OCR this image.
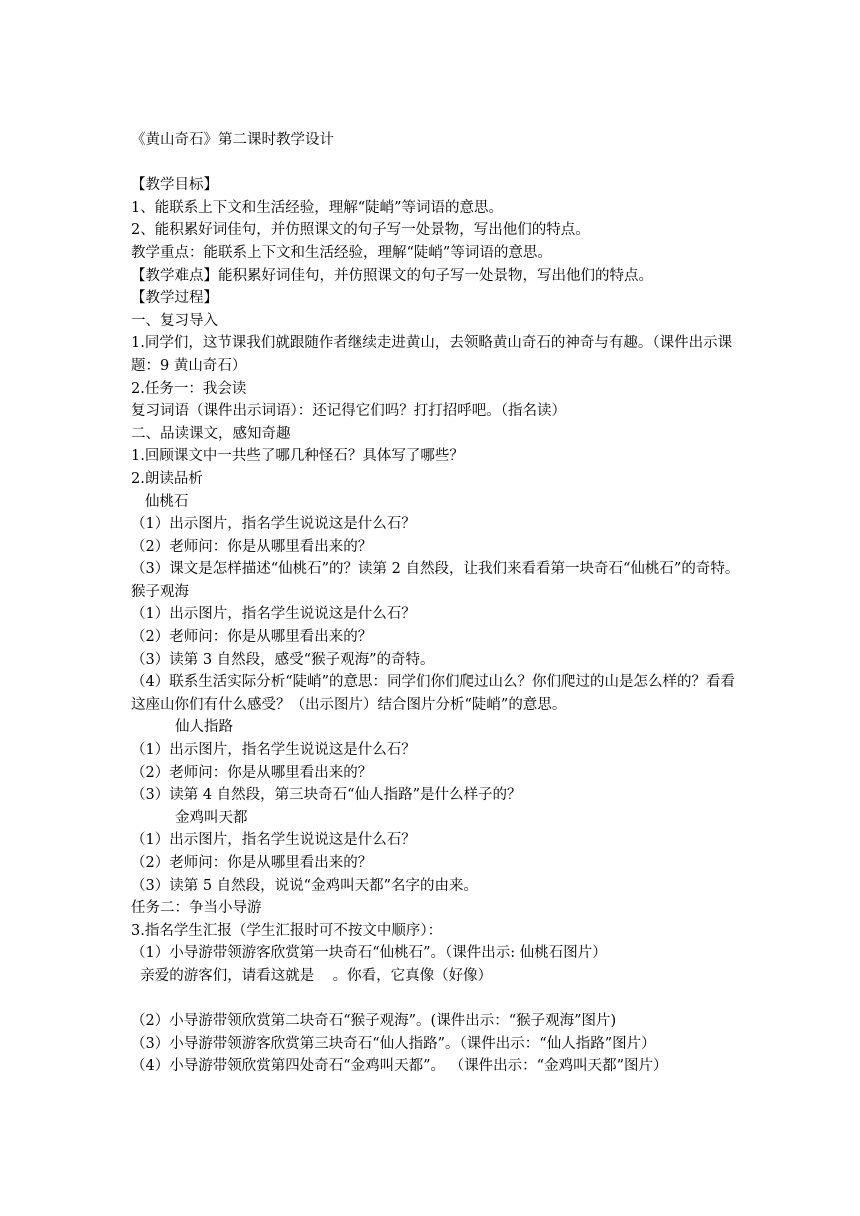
《黄山奇石》第二课时教学设计
【教学目标】
1、能联系上下文和生活经验，理解“陡峭”等词语的意思。
2、能积累好词佳句，并仿照课文的句子写一处景物，写出他们的特点。
教学重点：能联系上下文和生活经验，理解“陡峭”等词语的意思。
【教学难点】能积累好词佳句，并仿照课文的句子写一处景物，写出他们的特点。
【教学过程】
一、复习导入
1.同学们，这节课我们就跟随作者继续走进黄山，去领略黄山奇石的神奇与有趣。（课件出示课题：9 黄山奇石）
2.任务一：我会读
复习词语（课件出示词语）：还记得它们吗？打打招呼吧。（指名读）
二、品读课文，感知奇趣
1.回顾课文中一共些了哪几种怪石？具体写了哪些？
2.朗读品析
仙桃石
（1）出示图片，指名学生说说这是什么石？
（2）老师问：你是从哪里看出来的？
（3）课文是怎样描述“仙桃石”的？读第 2 自然段，让我们来看看第一块奇石“仙桃石”的奇特。
猴子观海
（1）出示图片，指名学生说说这是什么石？
（2）老师问：你是从哪里看出来的？
（3）读第 3 自然段，感受“猴子观海”的奇特。
（4）联系生活实际分析“陡峭”的意思：同学们你们爬过山么？你们爬过的山是怎么样的？看看这座山你们有什么感受？（出示图片）结合图片分析“陡峭”的意思。
仙人指路
（1）出示图片，指名学生说说这是什么石？
（2）老师问：你是从哪里看出来的？
（3）读第 4 自然段，第三块奇石“仙人指路”是什么样子的？
金鸡叫天都
（1）出示图片，指名学生说说这是什么石？
（2）老师问：你是从哪里看出来的？
（3）读第 5 自然段，说说“金鸡叫天都”名字的由来。
任务二：争当小导游
3.指名学生汇报（学生汇报时可不按文中顺序）：
（1）小导游带领游客欣赏第一块奇石“仙桃石”。（课件出示: 仙桃石图片）
亲爱的游客们，请看这就是    。你看，它真像（好像）
（2）小导游带领欣赏第二块奇石“猴子观海”。(课件出示：“猴子观海”图片)
（3）小导游带领游客欣赏第三块奇石“仙人指路”。（课件出示：“仙人指路”图片）
（4）小导游带领欣赏第四处奇石“金鸡叫天都”。 （课件出示：“金鸡叫天都”图片）
